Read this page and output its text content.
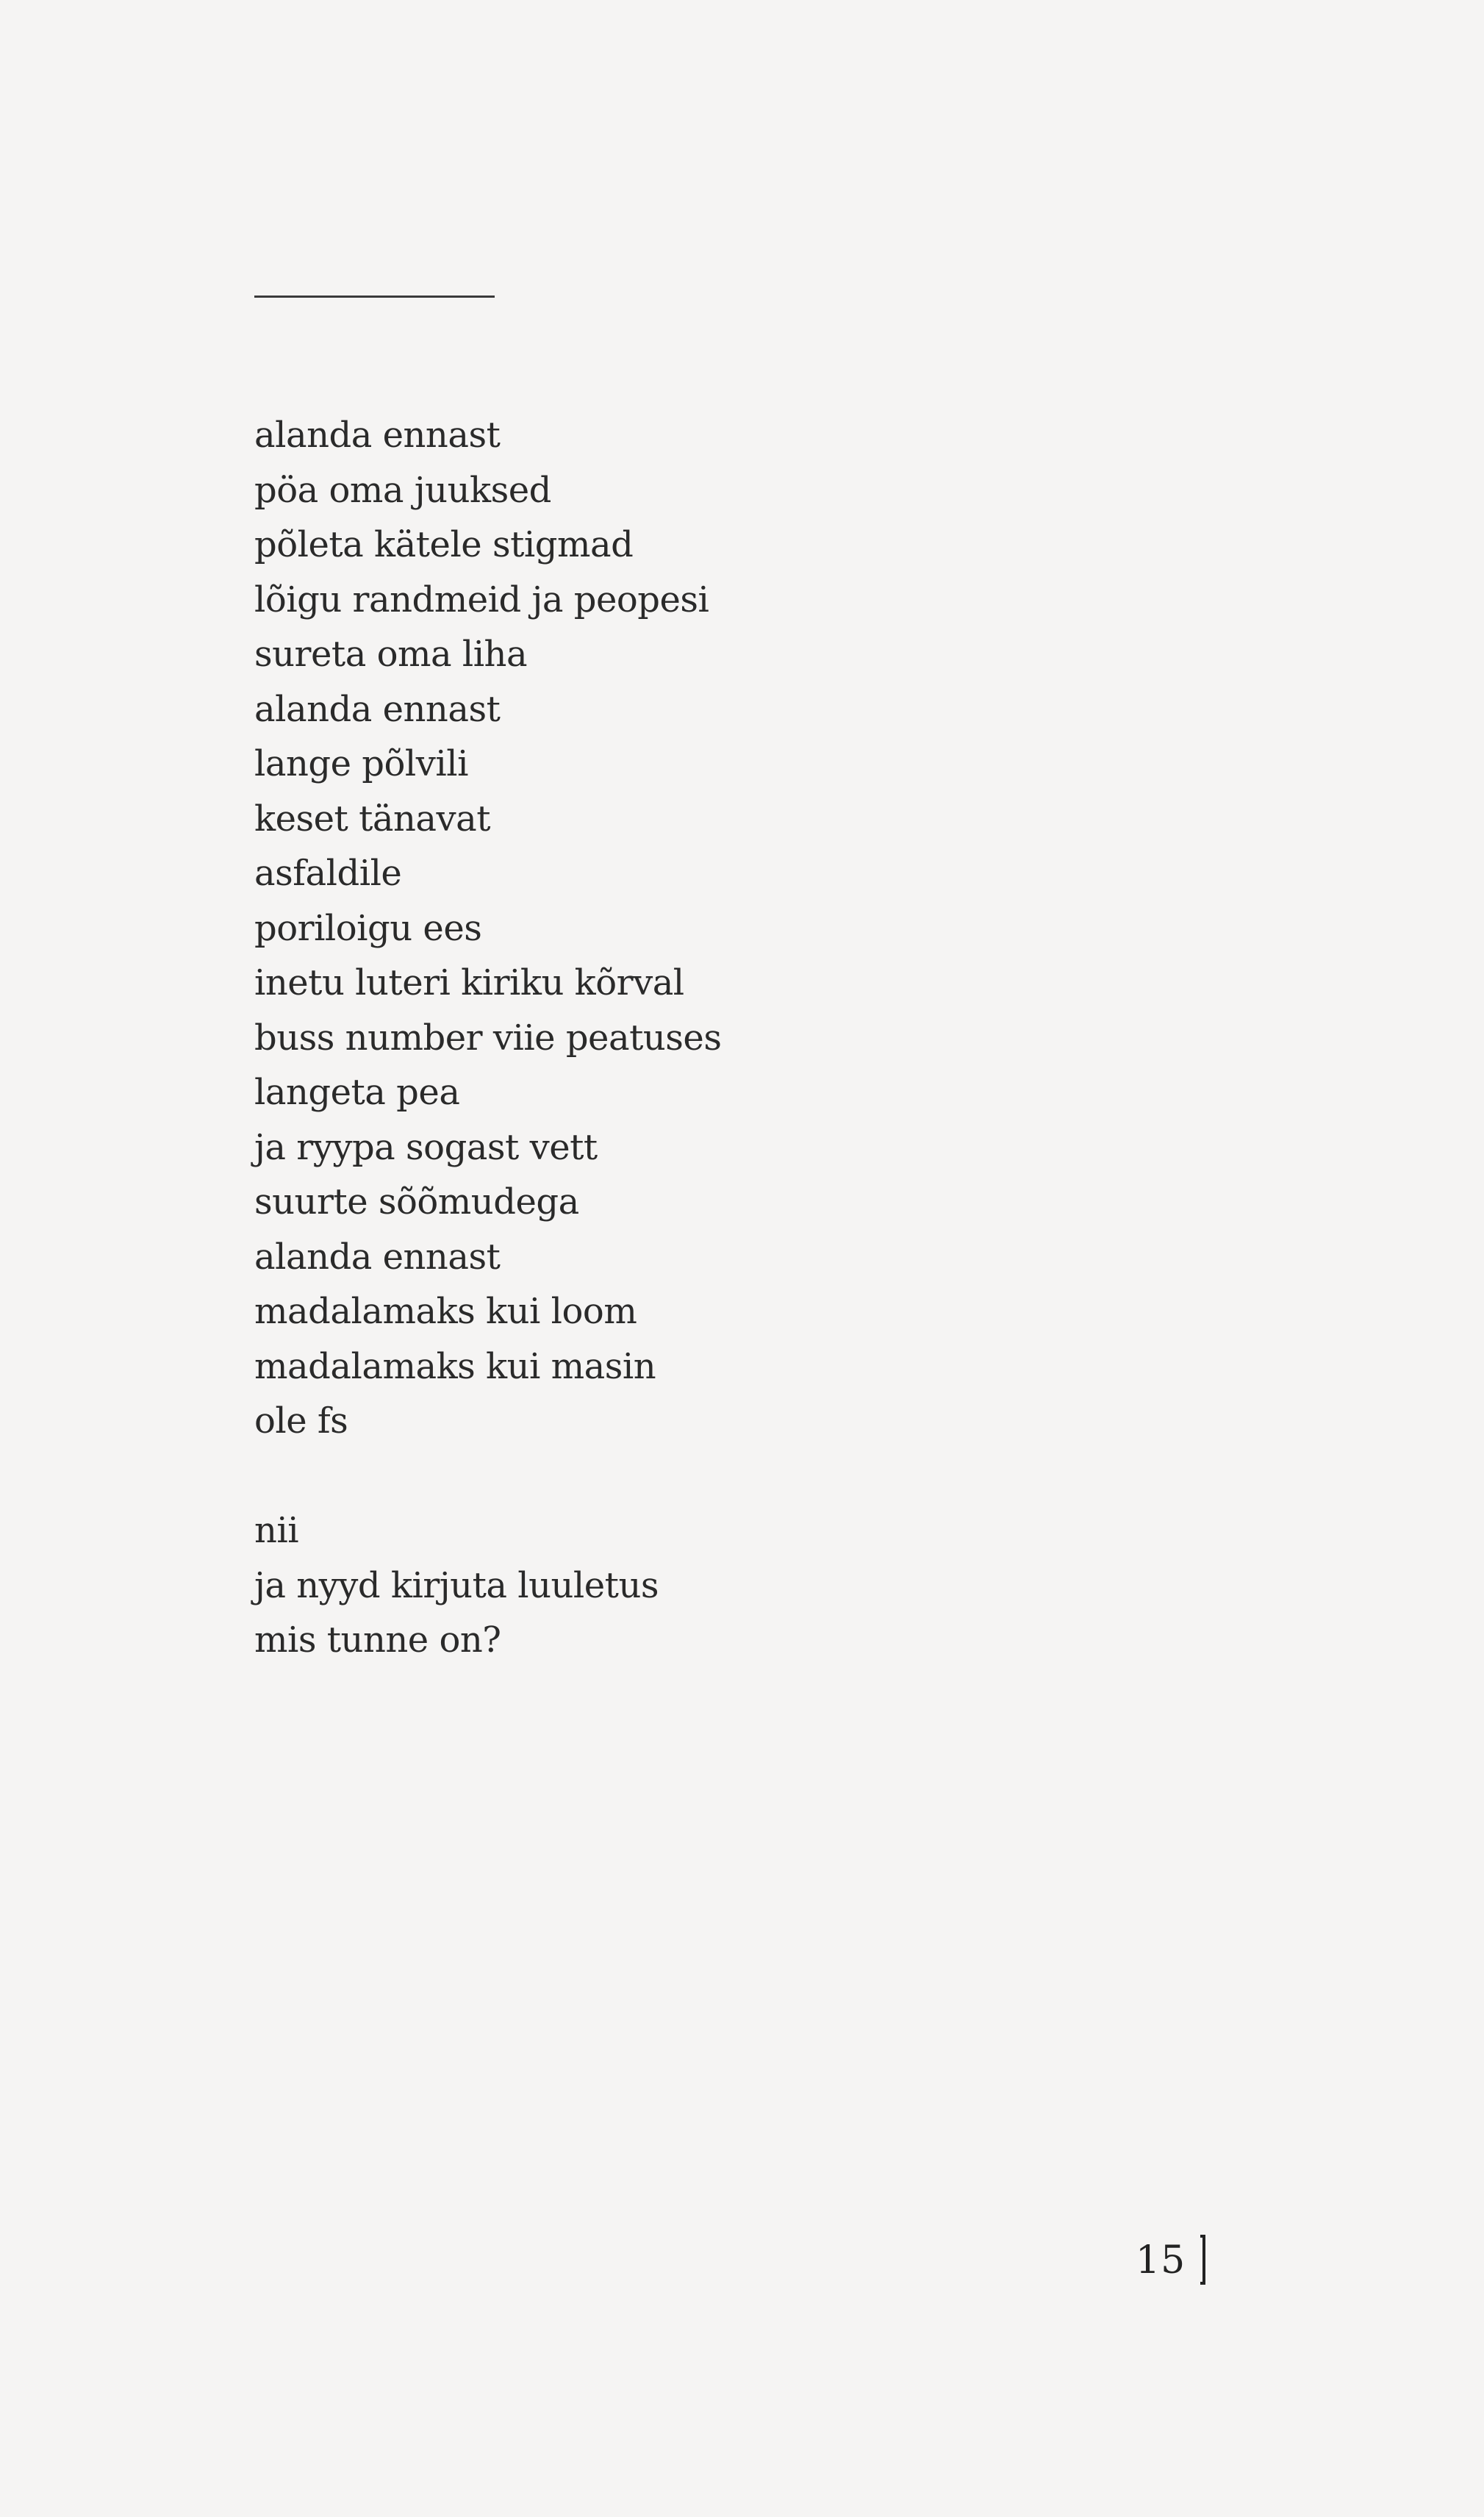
alanda ennast
pöa oma juuksed
põleta kätele stigmad
lõigu randmeid ja peopesi
sureta oma liha
alanda ennast
lange põlvili
keset tänavat
asfaldile
poriloigu ees
inetu luteri kiriku kõrval
buss number viie peatuses
langeta pea
ja ryypa sogast vett
suurte sõõmudega
alanda ennast
madalamaks kui loom
madalamaks kui masin
ole fs
nii
ja nyyd kirjuta luuletus
mis tunne on?
15
